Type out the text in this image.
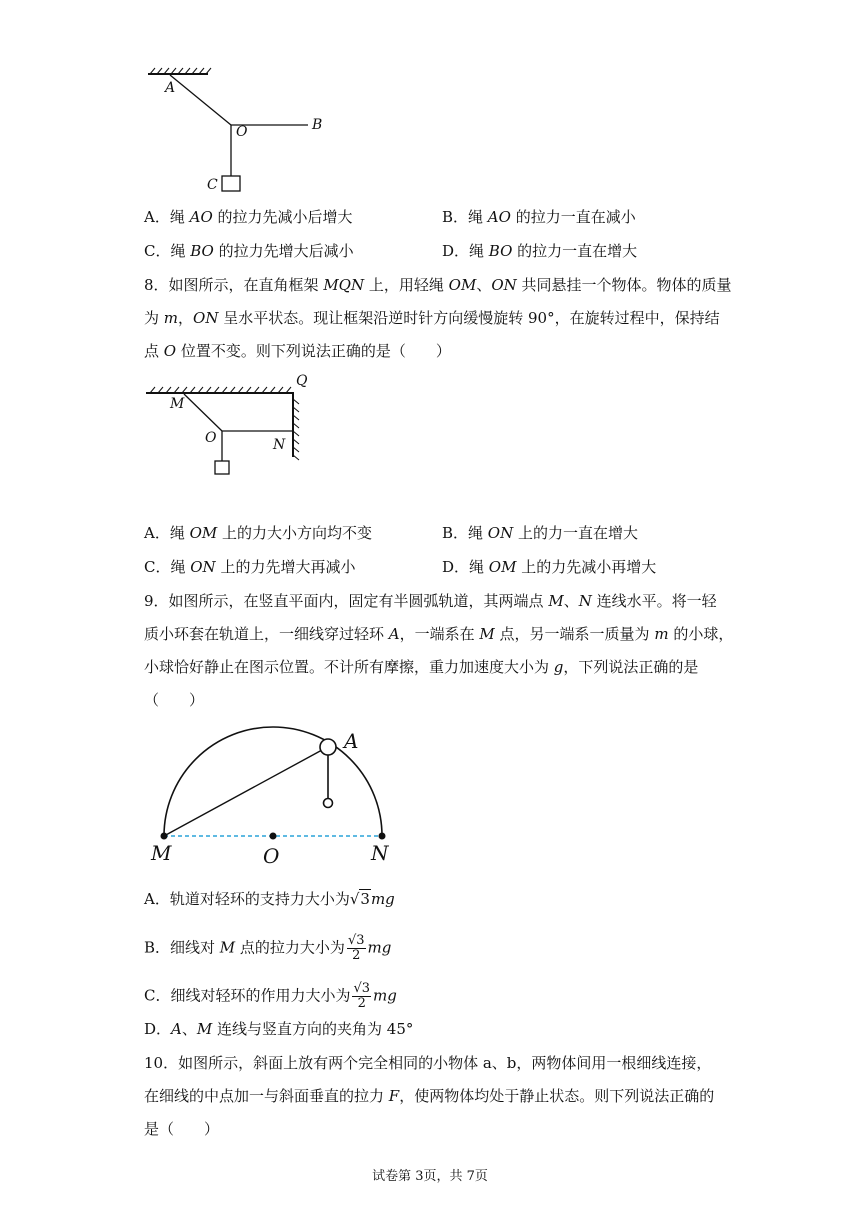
A
O	B
C
A．绳 AO 的拉力先减小后增大	B．绳 AO 的拉力一直在减小
C．绳 BO 的拉力先增大后减小	D．绳 BO 的拉力一直在增大
8．如图所示，在直角框架 MQN 上，用轻绳 OM、ON 共同悬挂一个物体。物体的质量
为 m，ON 呈水平状态。现让框架沿逆时针方向缓慢旋转 90°，在旋转过程中，保持结
点 O 位置不变。则下列说法正确的是（　　）
Q
M
O	N
A．绳 OM 上的力大小方向均不变	B．绳 ON 上的力一直在增大
C．绳 ON 上的力先增大再减小	D．绳 OM 上的力先减小再增大
9．如图所示，在竖直平面内，固定有半圆弧轨道，其两端点 M、N 连线水平。将一轻
质小环套在轨道上，一细线穿过轻环 A，一端系在 M 点，另一端系一质量为 m 的小球，
小球恰好静止在图示位置。不计所有摩擦，重力加速度大小为 g，下列说法正确的是
（　　）
A
M	O	N
A．轨道对轻环的支持力大小为√3mg
B．细线对 M 点的拉力大小为 $\frac{√3}{2}$ mg
C．细线对轻环的作用力大小为 $\frac{√3}{2}$ mg
D．A、M 连线与竖直方向的夹角为 45°
10．如图所示，斜面上放有两个完全相同的小物体 a、b，两物体间用一根细线连接，
在细线的中点加一与斜面垂直的拉力 F，使两物体均处于静止状态。则下列说法正确的
是（　　）
试卷第 3页，共 7页
